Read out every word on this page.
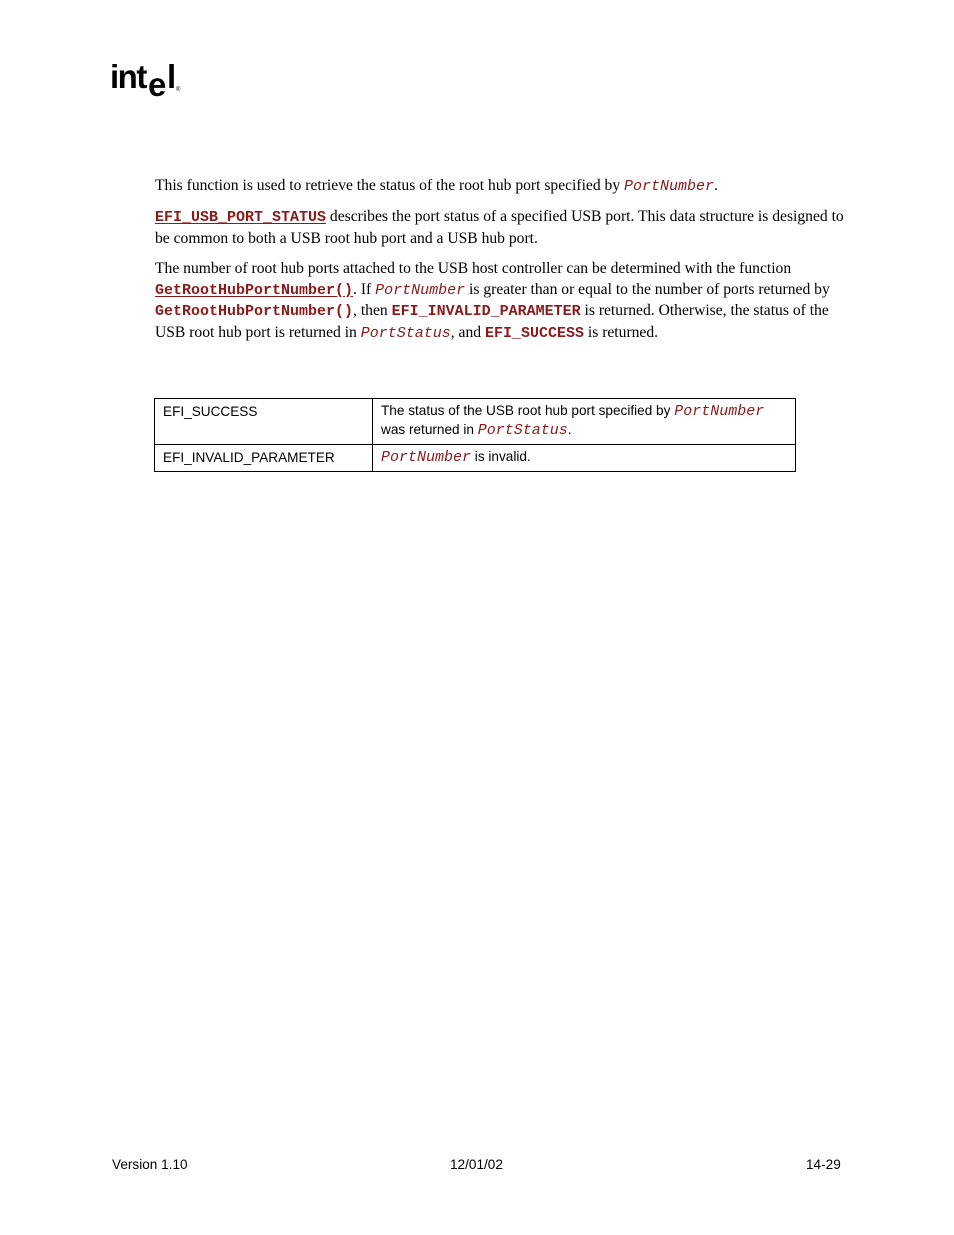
int e l ®

This function is used to retrieve the status of the root hub port specified by PortNumber.

EFI_USB_PORT_STATUS describes the port status of a specified USB port. This data structure is designed to be common to both a USB root hub port and a USB hub port.

The number of root hub ports attached to the USB host controller can be determined with the function GetRootHubPortNumber(). If PortNumber is greater than or equal to the number of ports returned by GetRootHubPortNumber(), then EFI_INVALID_PARAMETER is returned. Otherwise, the status of the USB root hub port is returned in PortStatus, and EFI_SUCCESS is returned.

EFI_SUCCESS	The status of the USB root hub port specified by PortNumber was returned in PortStatus.
EFI_INVALID_PARAMETER	PortNumber is invalid.
Version 1.10	12/01/02	14-29
